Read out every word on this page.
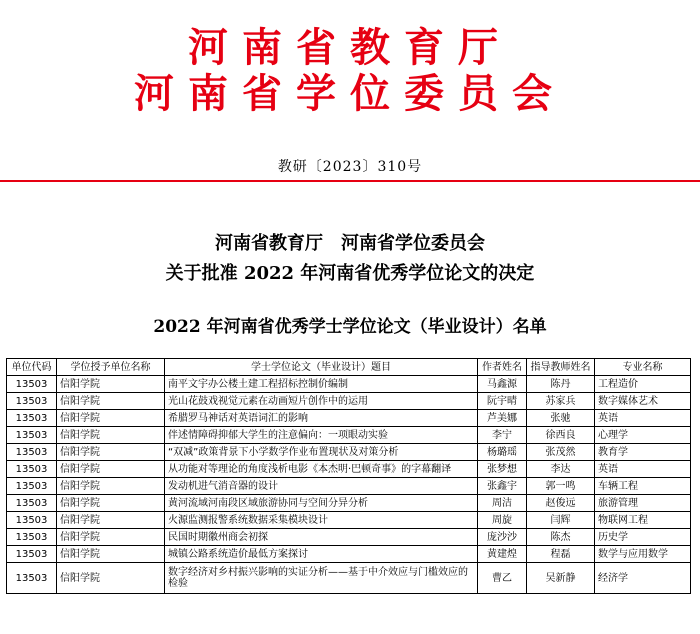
河南省教育厅
河南省学位委员会
教研〔2023〕310号
河南省教育厅　河南省学位委员会
关于批准 2022 年河南省优秀学位论文的决定
2022 年河南省优秀学士学位论文（毕业设计）名单
单位代码	学位授予单位名称	学士学位论文（毕业设计）题目	作者姓名	指导教师姓名	专业名称
13503	信阳学院	南平文宇办公楼土建工程招标控制价编制	马鑫源	陈丹	工程造价
13503	信阳学院	光山花鼓戏视觉元素在动画短片创作中的运用	阮宇晴	苏家兵	数字媒体艺术
13503	信阳学院	希腊罗马神话对英语词汇的影响	芦美娜	张驰	英语
13503	信阳学院	伴述情障碍抑郁大学生的注意偏向：一项眼动实验	李宁	徐西良	心理学
13503	信阳学院	“双减”政策背景下小学数学作业布置现状及对策分析	杨璐瑶	张茂然	教育学
13503	信阳学院	从功能对等理论的角度浅析电影《本杰明·巴顿奇事》的字幕翻译	张梦想	李达	英语
13503	信阳学院	发动机进气消音器的设计	张鑫宇	郭一鸣	车辆工程
13503	信阳学院	黄河流域河南段区域旅游协同与空间分异分析	周洁	赵俊远	旅游管理
13503	信阳学院	火源监测报警系统数据采集模块设计	周旋	闫辉	物联网工程
13503	信阳学院	民国时期徽州商会初探	庞沙沙	陈杰	历史学
13503	信阳学院	城镇公路系统造价最低方案探讨	黄建煌	程磊	数学与应用数学
13503	信阳学院	数字经济对乡村振兴影响的实证分析——基于中介效应与门槛效应的检验	曹乙	吴新静	经济学
